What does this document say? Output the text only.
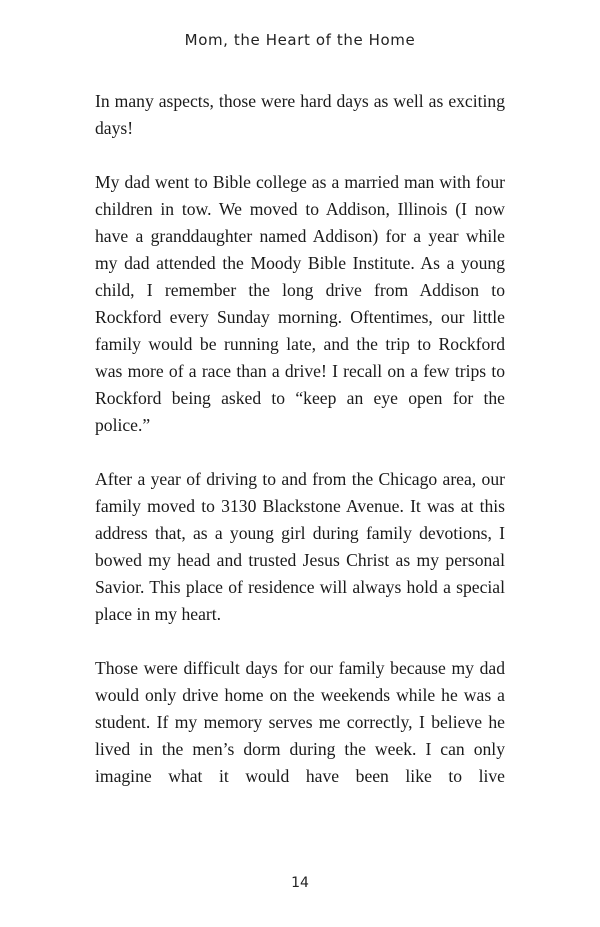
Mom, the Heart of the Home

In many aspects, those were hard days as well as exciting days!

My dad went to Bible college as a married man with four children in tow. We moved to Addison, Illinois (I now have a granddaughter named Addison) for a year while my dad attended the Moody Bible Institute. As a young child, I remember the long drive from Addison to Rockford every Sunday morning. Oftentimes, our little family would be running late, and the trip to Rockford was more of a race than a drive! I recall on a few trips to Rockford being asked to “keep an eye open for the police.”

After a year of driving to and from the Chicago area, our family moved to 3130 Blackstone Avenue. It was at this address that, as a young girl during family devotions, I bowed my head and trusted Jesus Christ as my personal Savior. This place of residence will always hold a special place in my heart.

Those were difficult days for our family because my dad would only drive home on the weekends while he was a student. If my memory serves me correctly, I believe he lived in the men’s dorm during the week. I can only imagine what it would have been like to live

14
